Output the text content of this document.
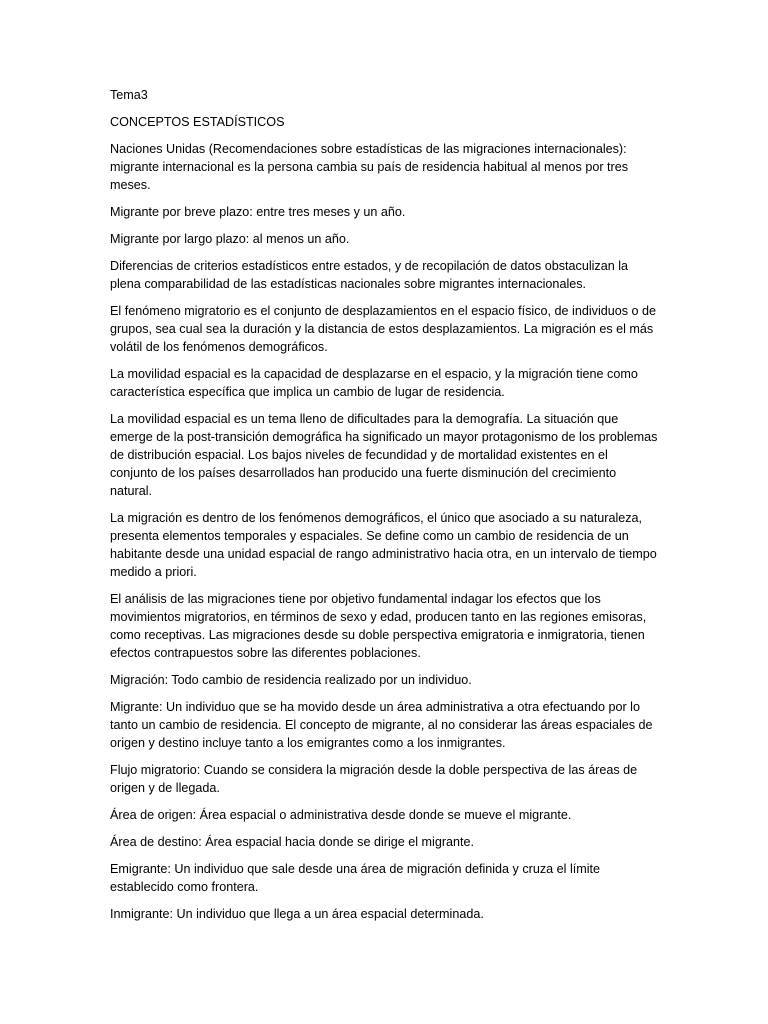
Tema3

CONCEPTOS ESTADÍSTICOS

Naciones Unidas (Recomendaciones sobre estadísticas de las migraciones internacionales): migrante internacional es la persona cambia su país de residencia habitual al menos por tres meses.

Migrante por breve plazo: entre tres meses y un año.

Migrante por largo plazo: al menos un año.

Diferencias de criterios estadísticos entre estados, y de recopilación de datos obstaculizan la plena comparabilidad de las estadísticas nacionales sobre migrantes internacionales.

El fenómeno migratorio es el conjunto de desplazamientos en el espacio físico, de individuos o de grupos, sea cual sea la duración y la distancia de estos desplazamientos. La migración es el más volátil de los fenómenos demográficos.

La movilidad espacial es la capacidad de desplazarse en el espacio, y la migración tiene como característica específica que implica un cambio de lugar de residencia.

La movilidad espacial es un tema lleno de dificultades para la demografía. La situación que emerge de la post-transición demográfica ha significado un mayor protagonismo de los problemas de distribución espacial. Los bajos niveles de fecundidad y de mortalidad existentes en el conjunto de los países desarrollados han producido una fuerte disminución del crecimiento natural.

La migración es dentro de los fenómenos demográficos, el único que asociado a su naturaleza, presenta elementos temporales y espaciales. Se define como un cambio de residencia de un habitante desde una unidad espacial de rango administrativo hacia otra, en un intervalo de tiempo medido a priori.

El análisis de las migraciones tiene por objetivo fundamental indagar los efectos que los movimientos migratorios, en términos de sexo y edad, producen tanto en las regiones emisoras, como receptivas. Las migraciones desde su doble perspectiva emigratoria e inmigratoria, tienen efectos contrapuestos sobre las diferentes poblaciones.

Migración: Todo cambio de residencia realizado por un individuo.

Migrante: Un individuo que se ha movido desde un área administrativa a otra efectuando por lo tanto un cambio de residencia. El concepto de migrante, al no considerar las áreas espaciales de origen y destino incluye tanto a los emigrantes como a los inmigrantes.

Flujo migratorio: Cuando se considera la migración desde la doble perspectiva de las áreas de origen y de llegada.

Área de origen: Área espacial o administrativa desde donde se mueve el migrante.

Área de destino: Área espacial hacia donde se dirige el migrante.

Emigrante: Un individuo que sale desde una área de migración definida y cruza el límite establecido como frontera.

Inmigrante: Un individuo que llega a un área espacial determinada.
